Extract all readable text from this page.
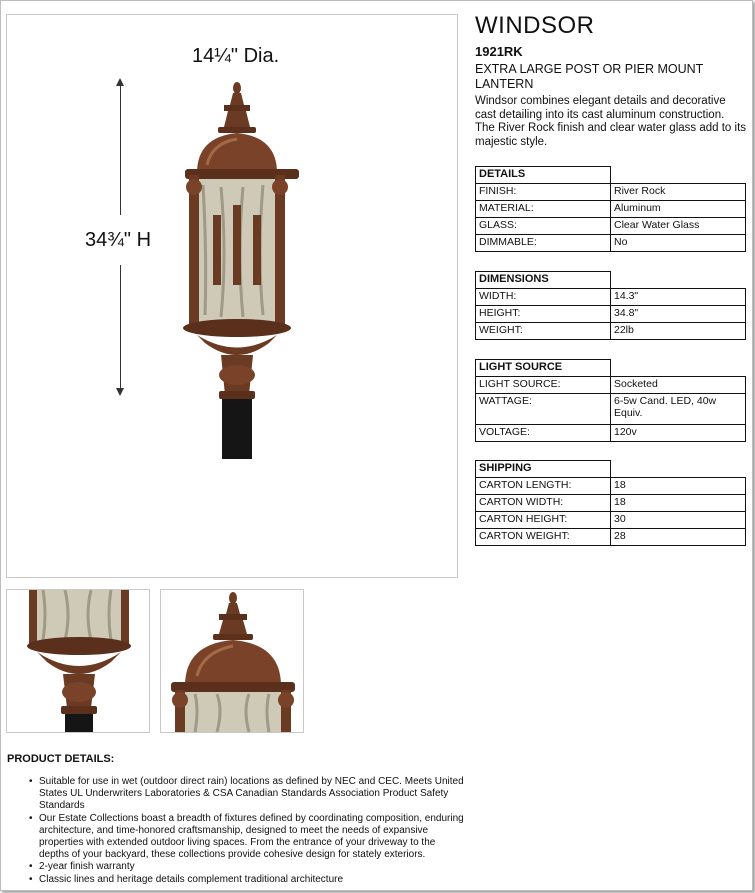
14¼" Dia.
34¾" H
WINDSOR
1921RK
EXTRA LARGE POST OR PIER MOUNT LANTERN
Windsor combines elegant details and decorative cast detailing into its cast aluminum construction. The River Rock finish and clear water glass add to its majestic style.
DETAILS	
FINISH:	River Rock
MATERIAL:	Aluminum
GLASS:	Clear Water Glass
DIMMABLE:	No
DIMENSIONS	
WIDTH:	14.3"
HEIGHT:	34.8"
WEIGHT:	22lb
LIGHT SOURCE	
LIGHT SOURCE:	Socketed
WATTAGE:	6-5w Cand. LED, 40w Equiv.
VOLTAGE:	120v
SHIPPING	
CARTON LENGTH:	18
CARTON WIDTH:	18
CARTON HEIGHT:	30
CARTON WEIGHT:	28
PRODUCT DETAILS:
• Suitable for use in wet (outdoor direct rain) locations as defined by NEC and CEC. Meets United States UL Underwriters Laboratories & CSA Canadian Standards Association Product Safety Standards
• Our Estate Collections boast a breadth of fixtures defined by coordinating composition, enduring architecture, and time-honored craftsmanship, designed to meet the needs of expansive properties with extended outdoor living spaces. From the entrance of your driveway to the depths of your backyard, these collections provide cohesive design for stately exteriors.
• 2-year finish warranty
• Classic lines and heritage details complement traditional architecture
